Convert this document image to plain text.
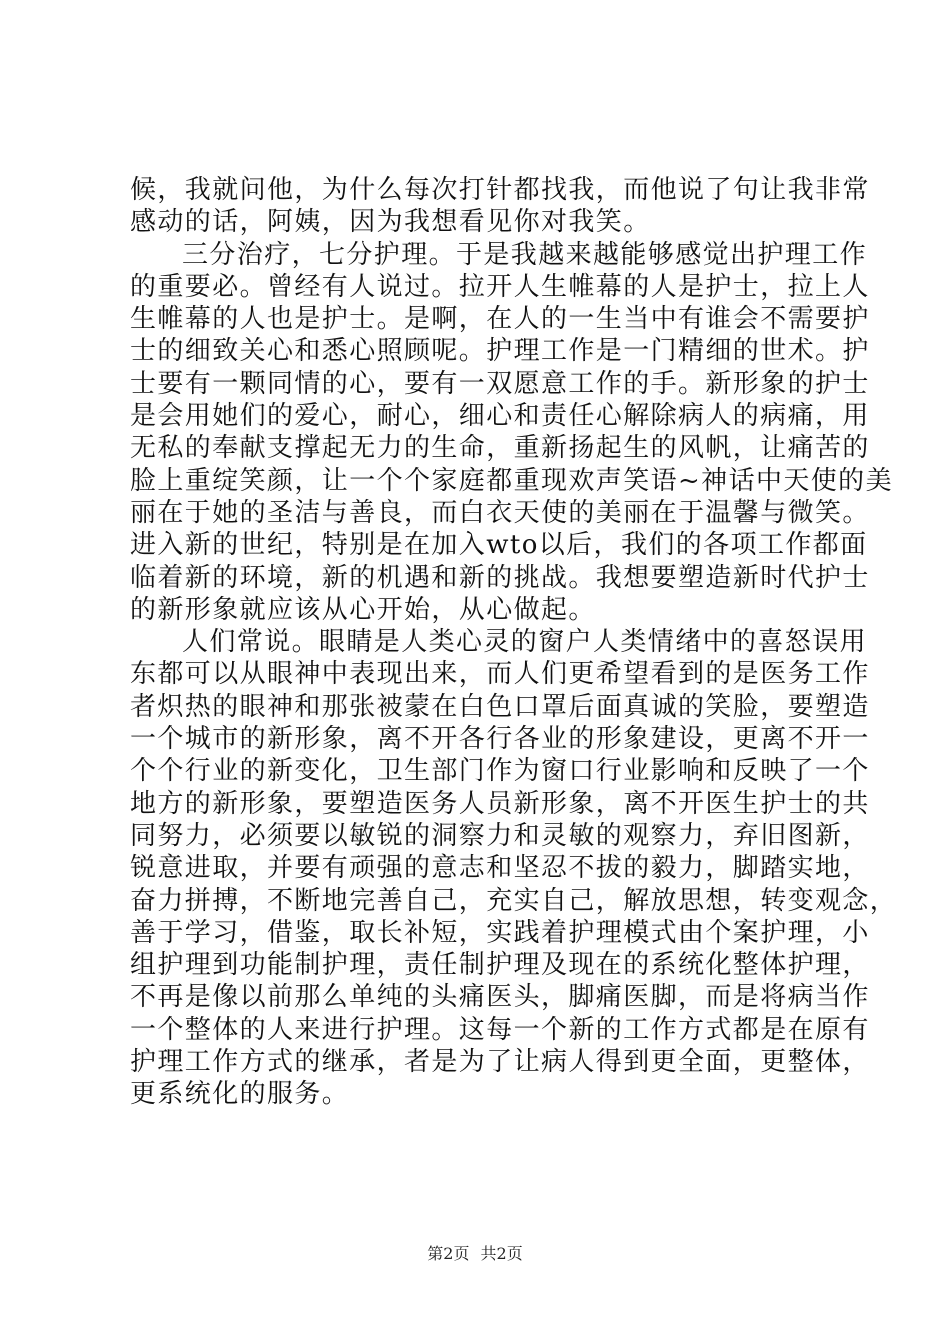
候，我就问他，为什么每次打针都找我，而他说了句让我非常
感动的话，阿姨，因为我想看见你对我笑。
三分治疗，七分护理。于是我越来越能够感觉出护理工作
的重要必。曾经有人说过。拉开人生帷幕的人是护士，拉上人
生帷幕的人也是护士。是啊，在人的一生当中有谁会不需要护
士的细致关心和悉心照顾呢。护理工作是一门精细的世术。护
士要有一颗同情的心，要有一双愿意工作的手。新形象的护士
是会用她们的爱心，耐心，细心和责任心解除病人的病痛，用
无私的奉献支撑起无力的生命，重新扬起生的风帆，让痛苦的
脸上重绽笑颜，让一个个家庭都重现欢声笑语~神话中天使的美
丽在于她的圣洁与善良，而白衣天使的美丽在于温馨与微笑。
进入新的世纪，特别是在加入wto以后，我们的各项工作都面
临着新的环境，新的机遇和新的挑战。我想要塑造新时代护士
的新形象就应该从心开始，从心做起。
人们常说。眼睛是人类心灵的窗户人类情绪中的喜怒误用
东都可以从眼神中表现出来，而人们更希望看到的是医务工作
者炽热的眼神和那张被蒙在白色口罩后面真诚的笑脸，要塑造
一个城市的新形象，离不开各行各业的形象建设，更离不开一
个个行业的新变化，卫生部门作为窗口行业影响和反映了一个
地方的新形象，要塑造医务人员新形象，离不开医生护士的共
同努力，必须要以敏锐的洞察力和灵敏的观察力，弃旧图新，
锐意进取，并要有顽强的意志和坚忍不拔的毅力，脚踏实地，
奋力拼搏，不断地完善自己，充实自己，解放思想，转变观念，
善于学习，借鉴，取长补短，实践着护理模式由个案护理，小
组护理到功能制护理，责任制护理及现在的系统化整体护理，
不再是像以前那么单纯的头痛医头，脚痛医脚，而是将病当作
一个整体的人来进行护理。这每一个新的工作方式都是在原有
护理工作方式的继承，者是为了让病人得到更全面，更整体，
更系统化的服务。
第2页 共2页
